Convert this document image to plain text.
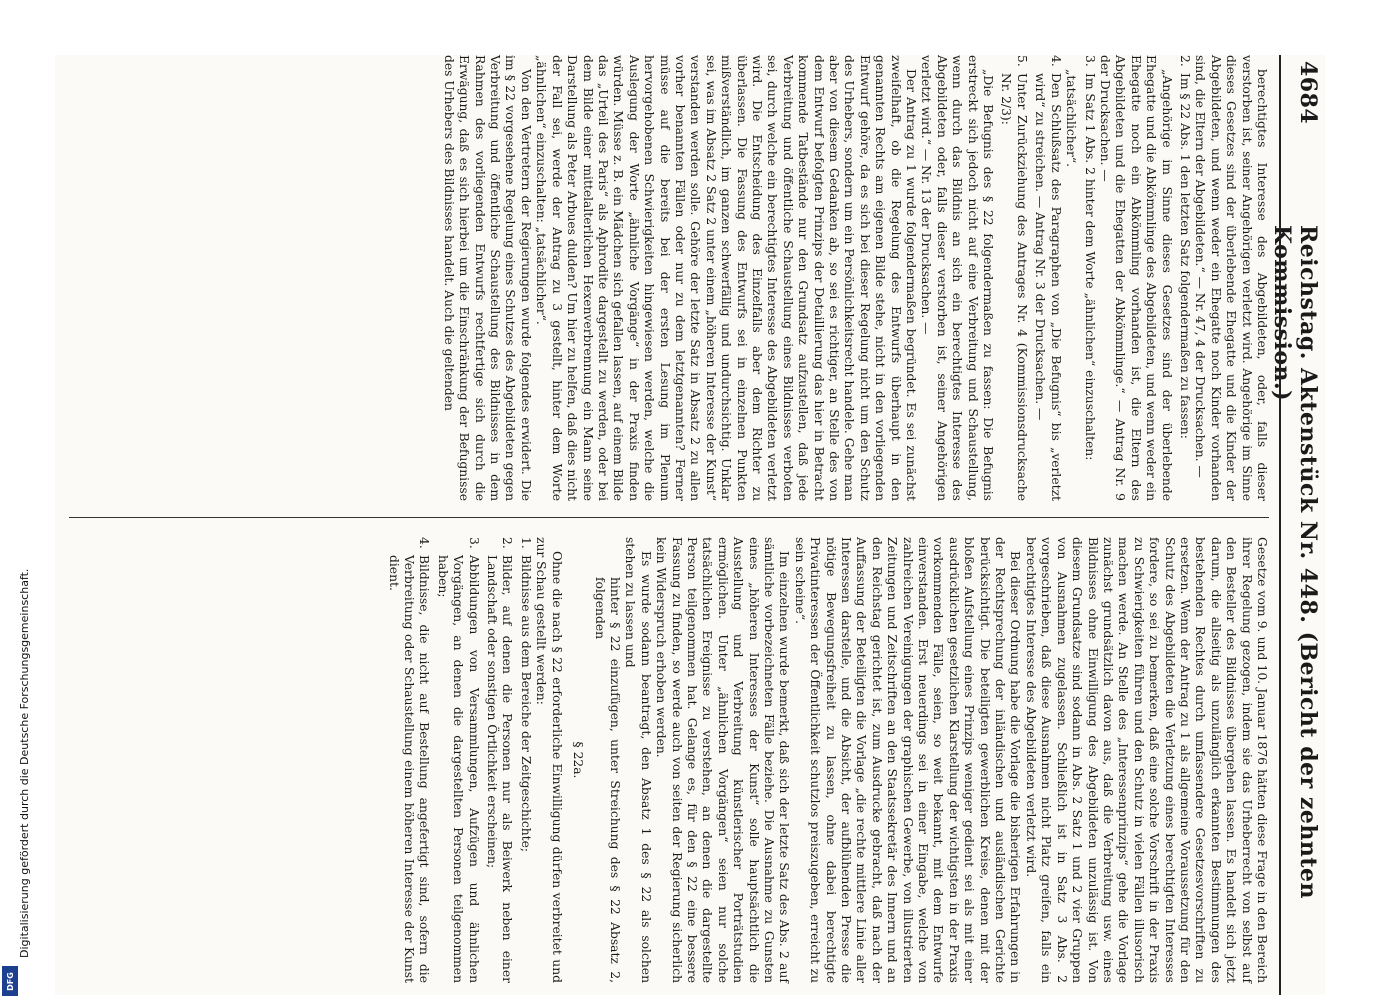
4684
Reichstag. Aktenstück Nr. 448. (Bericht der zehnten Kommission.)
berechtigtes Interesse des Abgebildeten, oder, falls dieser verstorben ist, seiner Angehörigen verletzt wird. Angehörige im Sinne dieses Gesetzes sind der überlebende Ehegatte und die Kinder der Abgebildeten, und wenn weder ein Ehegatte noch Kinder vorhanden sind, die Eltern der Abgebildeten.“ — Nr. 47, 4 der Drucksachen. —
2.Im § 22 Abs. 1 den letzten Satz folgendermaßen zu fassen:
„Angehörige im Sinne dieses Gesetzes sind der überlebende Ehegatte und die Abkömmlinge des Abgebildeten, und wenn weder ein Ehegatte noch ein Abkömmling vorhanden ist, die Eltern des Abgebildeten und die Ehegatten der Abkömmlinge.“ — Antrag Nr. 9 der Drucksachen. —
3.Im Satz 1 Abs. 2 hinter dem Worte „ähnlichen“ einzuschalten:
„tatsächlicher“.
4.Den Schlußsatz des Paragraphen von „Die Befugnis“ bis „verletzt wird“ zu streichen. — Antrag Nr. 3 der Drucksachen. —
5.Unter Zurückziehung des Antrages Nr. 4 (Kommissionsdrucksache Nr. 2/3):
„Die Befugnis des § 22 folgendermaßen zu fassen: Die Befugnis erstreckt sich jedoch nicht auf eine Verbreitung und Schaustellung, wenn durch das Bildnis an sich ein berechtigtes Interesse des Abgebildeten oder, falls dieser verstorben ist, seiner Angehörigen verletzt wird.“ — Nr. 13 der Drucksachen. —
Der Antrag zu 1 wurde folgendermaßen begründet. Es sei zunächst zweifelhaft, ob die Regelung des Entwurfs überhaupt in den genannten Rechts am eigenen Bilde stehe, nicht in den vorliegenden Entwurf gehöre, da es sich bei dieser Regelung nicht um den Schutz des Urhebers, sondern um ein Persönlichkeitsrecht handele. Gehe man aber von diesem Gedanken ab, so sei es richtiger, an Stelle des von dem Entwurf befolgten Prinzips der Detaillierung das hier in Betracht kommende Tatbestände nur den Grundsatz aufzustellen, daß jede Verbreitung und öffentliche Schaustellung eines Bildnisses verboten sei, durch welche ein berechtigtes Interesse des Abgebildeten verletzt wird. Die Entscheidung des Einzelfalls aber dem Richter zu überlassen. Die Fassung des Entwurfs sei in einzelnen Punkten mißverständlich, im ganzen schwerfällig und undurchsichtig. Unklar sei, was im Absatz 2 Satz 2 unter einem „höheren Interesse der Kunst“ verstanden werden solle. Gehöre der letzte Satz in Absatz 2 zu allen vorher benannten Fällen oder nur zu dem letztgenannten? Ferner müsse auf die bereits bei der ersten Lesung im Plenum hervorgehobenen Schwierigkeiten hingewiesen werden, welche die Auslegung der Worte „ähnliche Vorgänge“ in der Praxis finden würden. Müsse z. B. ein Mädchen sich gefallen lassen, auf einem Bilde das „Urteil des Paris“ als Aphrodite dargestellt zu werden, oder bei dem Bilde einer mittelalterlichen Hexenverbrennung ein Mann seine Darstellung als Peter Arbues dulden? Um hier zu helfen, daß dies nicht der Fall sei, werde der Antrag zu 3 gestellt, hinter dem Worte „ähnlichen“ einzuschalten: „tatsächlicher“.
Von den Vertretern der Regierungen wurde folgendes erwidert. Die im § 22 vorgesehene Regelung eines Schutzes des Abgebildeten gegen Verbreitung und öffentliche Schaustellung des Bildnisses in dem Rahmen des vorliegenden Entwurfs rechtfertige sich durch die Erwägung, daß es sich hierbei um die Einschränkung der Befugnisse des Urhebers des Bildnisses handelt. Auch die geltenden
Gesetze vom 9. und 10. Januar 1876 hätten diese Frage in den Bereich ihrer Regelung gezogen, indem sie das Urheberrecht von selbst auf den Besteller des Bildnisses übergehen lassen. Es handelt sich jetzt darum, die allseitig als unzulänglich erkannten Bestimmungen des bestehenden Rechtes durch umfassendere Gesetzesvorschriften zu ersetzen. Wenn der Antrag zu 1 als allgemeine Voraussetzung für den Schutz des Abgebildeten die Verletzung eines berechtigten Interesses fordere, so sei zu bemerken, daß eine solche Vorschrift in der Praxis zu Schwierigkeiten führen und den Schutz in vielen Fällen illusorisch machen werde. An Stelle des „Interessenprinzips“ gehe die Vorlage zunächst grundsätzlich davon aus, daß die Verbreitung usw. eines Bildnisses ohne Einwilligung des Abgebildeten unzulässig ist. Von diesem Grundsatze sind sodann in Abs. 2 Satz 1 und 2 vier Gruppen von Ausnahmen zugelassen. Schließlich ist in Satz 3 Abs. 2 vorgeschrieben, daß diese Ausnahmen nicht Platz greifen, falls ein berechtigtes Interesse des Abgebildeten verletzt wird.
Bei dieser Ordnung habe die Vorlage die bisherigen Erfahrungen in der Rechtsprechung der inländischen und ausländischen Gerichte berücksichtigt. Die beteiligten gewerblichen Kreise, denen mit der bloßen Aufstellung eines Prinzips weniger gedient sei als mit einer ausdrücklichen gesetzlichen Klarstellung der wichtigsten in der Praxis vorkommenden Fälle, seien, so weit bekannt, mit dem Entwurfe einverstanden. Erst neuerdings sei in einer Eingabe, welche von zahlreichen Vereinigungen der graphischen Gewerbe, von illustrierten Zeitungen und Zeitschriften an den Staatssekretär des Innern und an den Reichstag gerichtet ist, zum Ausdrucke gebracht, daß nach der Auffassung der Beteiligten die Vorlage „die rechte mittlere Linie aller Interessen darstelle, und die Absicht, der aufblühenden Presse die nötige Bewegungsfreiheit zu lassen, ohne dabei berechtigte Privatinteressen der Öffentlichkeit schutzlos preiszugeben, erreicht zu sein scheine“.
Im einzelnen wurde bemerkt, daß sich der letzte Satz des Abs. 2 auf sämtliche vorbezeichneten Fälle beziehe. Die Ausnahme zu Gunsten eines „höheren Interesses der Kunst“ solle hauptsächtlich die Ausstellung und Verbreitung künstlerischer Porträtstudien ermöglichen. Unter „ähnlichen Vorgängen“ seien nur solche tatsächlichen Ereignisse zu verstehen, an denen die dargestellte Person teilgenommen hat. Gelange es, für den § 22 eine bessere Fassung zu finden, so werde auch von seiten der Regierung sicherlich kein Widerspruch erhoben werden.
Es wurde sodann beantragt, den Absatz 1 des § 22 als solchen stehen zu lassen und
hinter § 22 einzufügen, unter Streichung des § 22 Absatz 2, folgenden
§ 22a.
Ohne die nach § 22 erforderliche Einwilligung dürfen verbreitet und zur Schau gestellt werden:
1.Bildnisse aus dem Bereiche der Zeitgeschichte;
2.Bilder, auf denen die Personen nur als Beiwerk neben einer Landschaft oder sonstigen Örtlichkeit erscheinen;
3.Abbildungen von Versammlungen, Aufzügen und ähnlichen Vorgängen, an denen die dargestellten Personen teilgenommen haben;
4.Bildnisse, die nicht auf Bestellung angefertigt sind, sofern die Verbreitung oder Schaustellung einem höheren Interesse der Kunst dient.
Digitalisierung gefördert durch die Deutsche Forschungsgemeinschaft.
DFG
